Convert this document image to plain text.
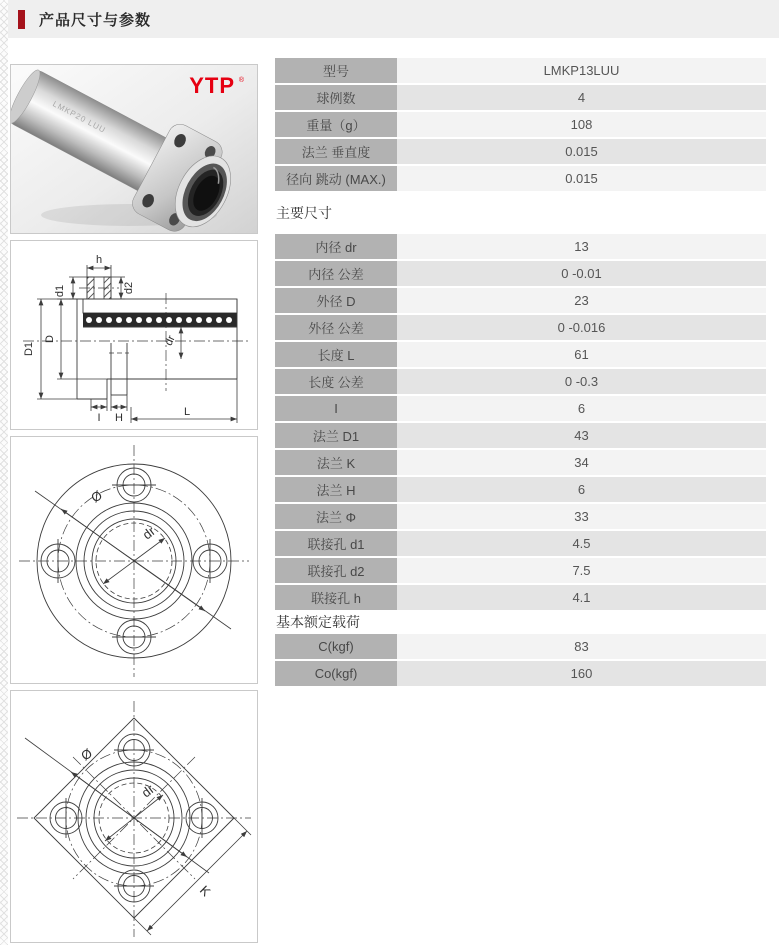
产品尺寸与参数
LMKP20 LUU
YTP ®
h
d1	d2
D1
D	dr
I H	L
Ø
dr
Ø
dr
K
型号	LMKP13LUU
球例数	4
重量（g）	108
法兰 垂直度	0.015
径向 跳动 (MAX.)	0.015
主要尺寸
内径 dr	13
内径 公差	0 -0.01
外径 D	23
外径 公差	0 -0.016
长度 L	61
长度 公差	0 -0.3
I	6
法兰 D1	43
法兰 K	34
法兰 H	6
法兰 Φ	33
联接孔 d1	4.5
联接孔 d2	7.5
联接孔 h	4.1
基本额定载荷
C(kgf)	83
Co(kgf)	160
